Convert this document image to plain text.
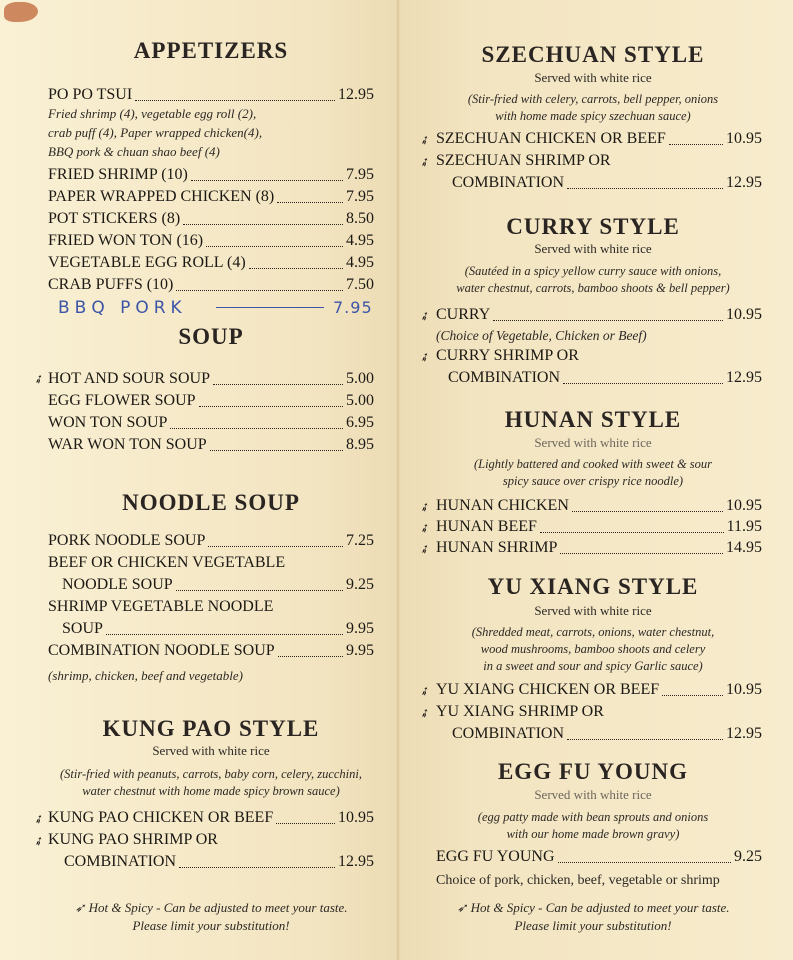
APPETIZERS
PO PO TSUI	12.95
Fried shrimp (4), vegetable egg roll (2),
crab puff (4), Paper wrapped chicken(4),
BBQ pork & chuan shao beef (4)
FRIED SHRIMP (10)	7.95
PAPER WRAPPED CHICKEN (8)	7.95
POT STICKERS (8)	8.50
FRIED WON TON (16)	4.95
VEGETABLE EGG ROLL (4)	4.95
CRAB PUFFS (10)	7.50
BBQ PORK	7.95
SOUP
➶ HOT AND SOUR SOUP	5.00
EGG FLOWER SOUP	5.00
WON TON SOUP	6.95
WAR WON TON SOUP	8.95
NOODLE SOUP
PORK NOODLE SOUP	7.25
BEEF OR CHICKEN VEGETABLE
NOODLE SOUP	9.25
SHRIMP VEGETABLE NOODLE
SOUP	9.95
COMBINATION NOODLE SOUP	9.95
(shrimp, chicken, beef and vegetable)
KUNG PAO STYLE
Served with white rice
(Stir-fried with peanuts, carrots, baby corn, celery, zucchini,
water chestnut with home made spicy brown sauce)
➶ KUNG PAO CHICKEN OR BEEF	10.95
➶ KUNG PAO SHRIMP OR
COMBINATION	12.95
➶ Hot & Spicy - Can be adjusted to meet your taste.
Please limit your substitution!
SZECHUAN STYLE
Served with white rice
(Stir-fried with celery, carrots, bell pepper, onions
with home made spicy szechuan sauce)
➶ SZECHUAN CHICKEN OR BEEF	10.95
➶ SZECHUAN SHRIMP OR
COMBINATION	12.95
CURRY STYLE
Served with white rice
(Sautéed in a spicy yellow curry sauce with onions,
water chestnut, carrots, bamboo shoots & bell pepper)
➶ CURRY	10.95
(Choice of Vegetable, Chicken or Beef)
➶ CURRY SHRIMP OR
COMBINATION	12.95
HUNAN STYLE
Served with white rice
(Lightly battered and cooked with sweet & sour
spicy sauce over crispy rice noodle)
➶ HUNAN CHICKEN	10.95
➶ HUNAN BEEF	11.95
➶ HUNAN SHRIMP	14.95
YU XIANG STYLE
Served with white rice
(Shredded meat, carrots, onions, water chestnut,
wood mushrooms, bamboo shoots and celery
in a sweet and sour and spicy Garlic sauce)
➶ YU XIANG CHICKEN OR BEEF	10.95
➶ YU XIANG SHRIMP OR
COMBINATION	12.95
EGG FU YOUNG
Served with white rice
(egg patty made with bean sprouts and onions
with our home made brown gravy)
EGG FU YOUNG	9.25
Choice of pork, chicken, beef, vegetable or shrimp
➶ Hot & Spicy - Can be adjusted to meet your taste.
Please limit your substitution!
